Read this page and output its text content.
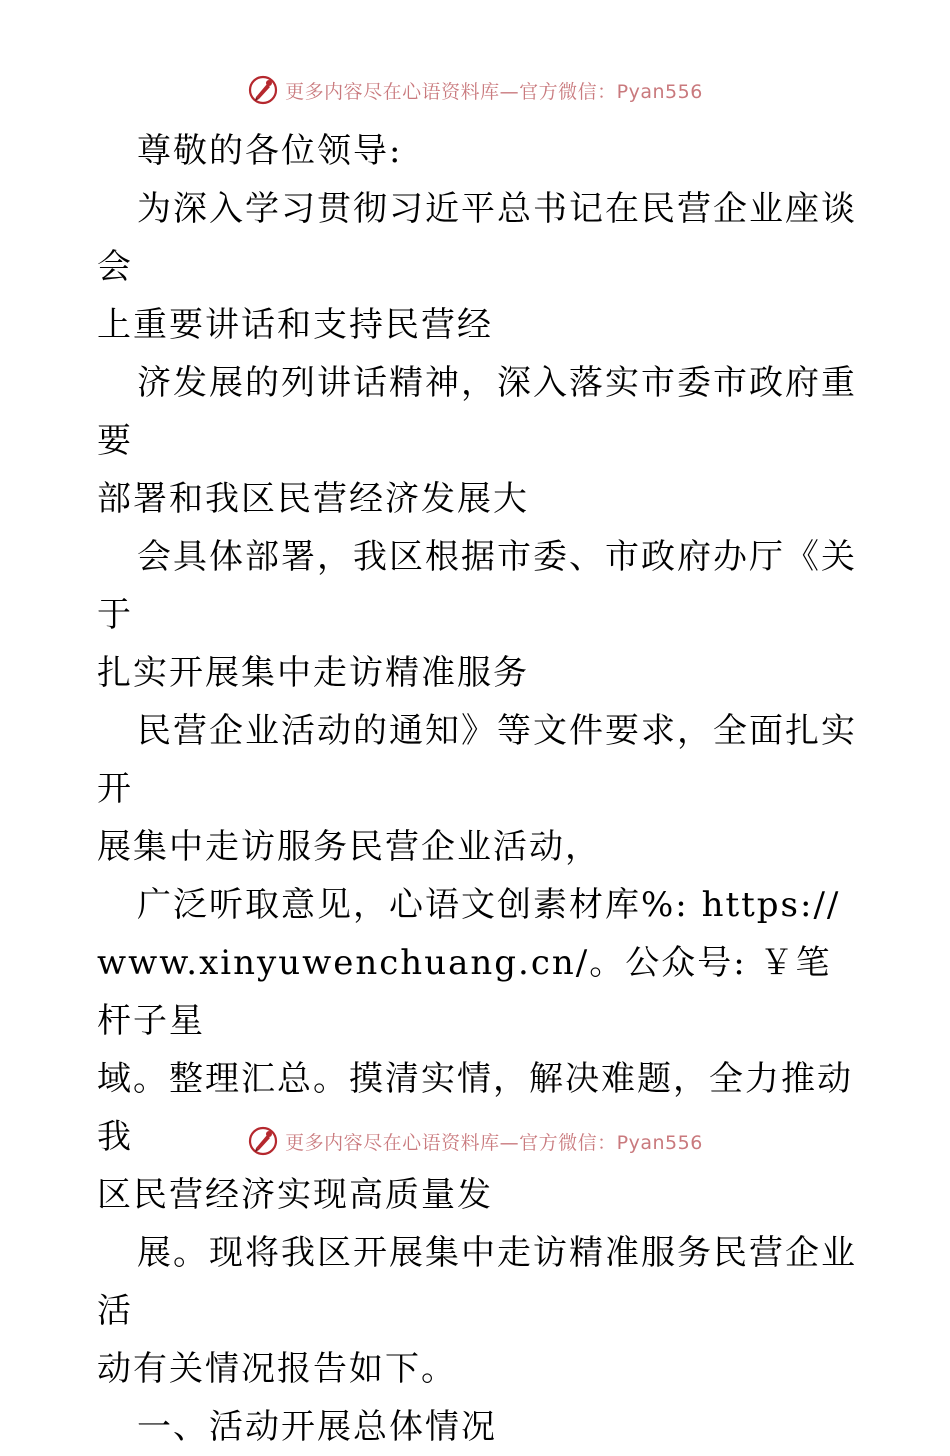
更多内容尽在心语资料库—官方微信：Pyan556

尊敬的各位领导:

为深入学习贯彻习近平总书记在民营企业座谈会

上重要讲话和支持民营经

济发展的列讲话精神，深入落实市委市政府重要

部署和我区民营经济发展大

会具体部署，我区根据市委、市政府办厅《关于

扎实开展集中走访精准服务

民营企业活动的通知》等文件要求，全面扎实开

展集中走访服务民营企业活动，

广泛听取意见，心语文创素材库%: https://

www.xinyuwenchuang.cn/。公众号: ￥笔杆子星

域。整理汇总。摸清实情，解决难题，全力推动我

区民营经济实现高质量发

展。现将我区开展集中走访精准服务民营企业活

动有关情况报告如下。

一、活动开展总体情况

更多内容尽在心语资料库—官方微信：Pyan556
